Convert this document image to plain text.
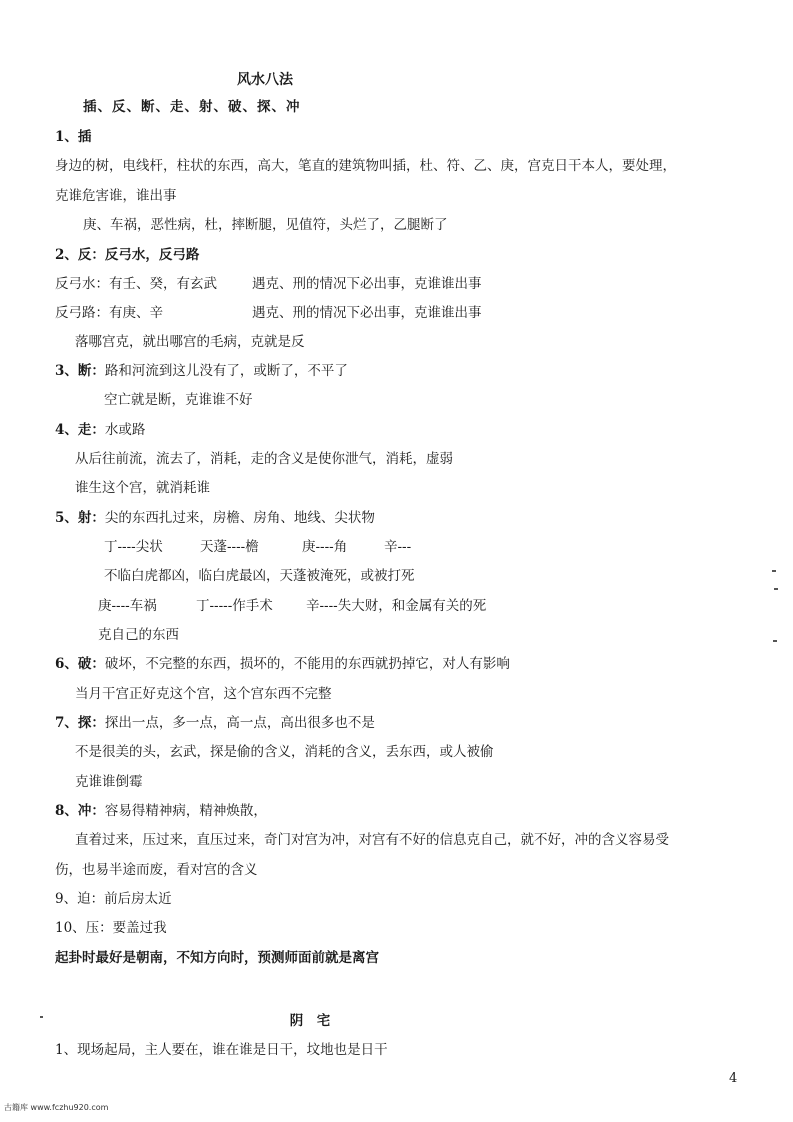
风水八法
插、反、断、走、射、破、探、冲
1、插
身边的树，电线杆，柱状的东西，高大，笔直的建筑物叫插，杜、符、乙、庚，宫克日干本人，要处理，
克谁危害谁，谁出事
庚、车祸，恶性病，杜，摔断腿，见值符，头烂了，乙腿断了
2、反：反弓水，反弓路
反弓水：有壬、癸，有玄武	遇克、刑的情况下必出事，克谁谁出事
反弓路：有庚、辛	遇克、刑的情况下必出事，克谁谁出事
落哪宫克，就出哪宫的毛病，克就是反
3、断：路和河流到这儿没有了，或断了，不平了
空亡就是断，克谁谁不好
4、走：水或路
从后往前流，流去了，消耗，走的含义是使你泄气，消耗，虚弱
谁生这个宫，就消耗谁
5、射：尖的东西扎过来，房檐、房角、地线、尖状物
丁----尖状	天蓬----檐	庚----角	辛---
不临白虎都凶，临白虎最凶，天蓬被淹死，或被打死
庚----车祸	丁-----作手术 辛----失大财，和金属有关的死
克自己的东西
6、破：破坏，不完整的东西，损坏的，不能用的东西就扔掉它，对人有影响
当月干宫正好克这个宫，这个宫东西不完整
7、探：探出一点，多一点，高一点，高出很多也不是
不是很美的头，玄武，探是偷的含义，消耗的含义，丢东西，或人被偷
克谁谁倒霉
8、冲：容易得精神病，精神焕散，
直着过来，压过来，直压过来，奇门对宫为冲，对宫有不好的信息克自己，就不好，冲的含义容易受
伤，也易半途而废，看对宫的含义
9、迫：前后房太近
10、压：要盖过我
起卦时最好是朝南，不知方向时，预测师面前就是离宫
阴　宅
1、现场起局，主人要在，谁在谁是日干，坟地也是日干
4
古籍库 www.fczhu920.com
